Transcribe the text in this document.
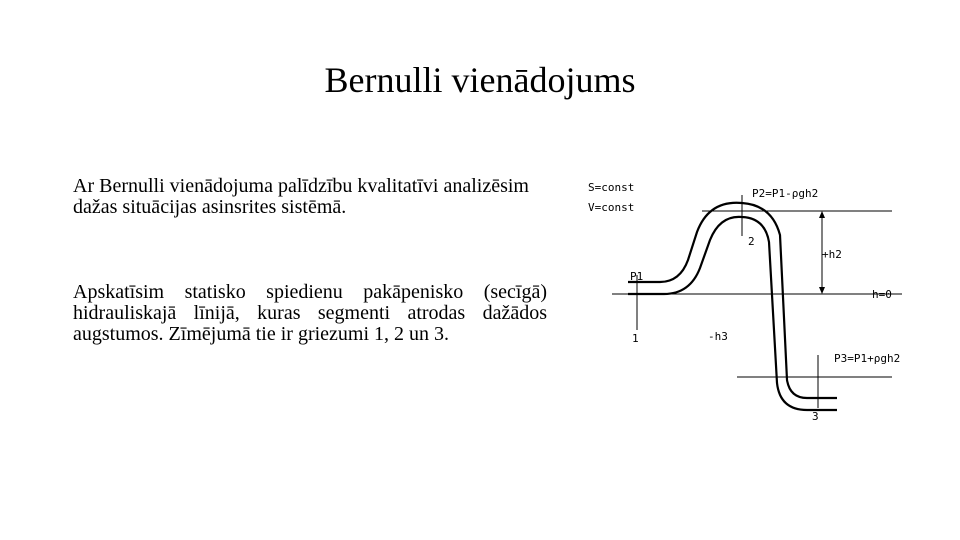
Bernulli vienādojums
Ar Bernulli vienādojuma palīdzību kvalitatīvi analizēsim dažas situācijas asinsrites sistēmā.
Apskatīsim statisko spiedienu pakāpenisko (secīgā) hidrauliskajā līnijā, kuras segmenti atrodas dažādos augstumos. Zīmējumā tie ir griezumi 1, 2 un 3.
S=const
V=const
P2=P1-ρgh2
2
+h2
P1
h=0
1	-h3
P3=P1+ρgh2
3
